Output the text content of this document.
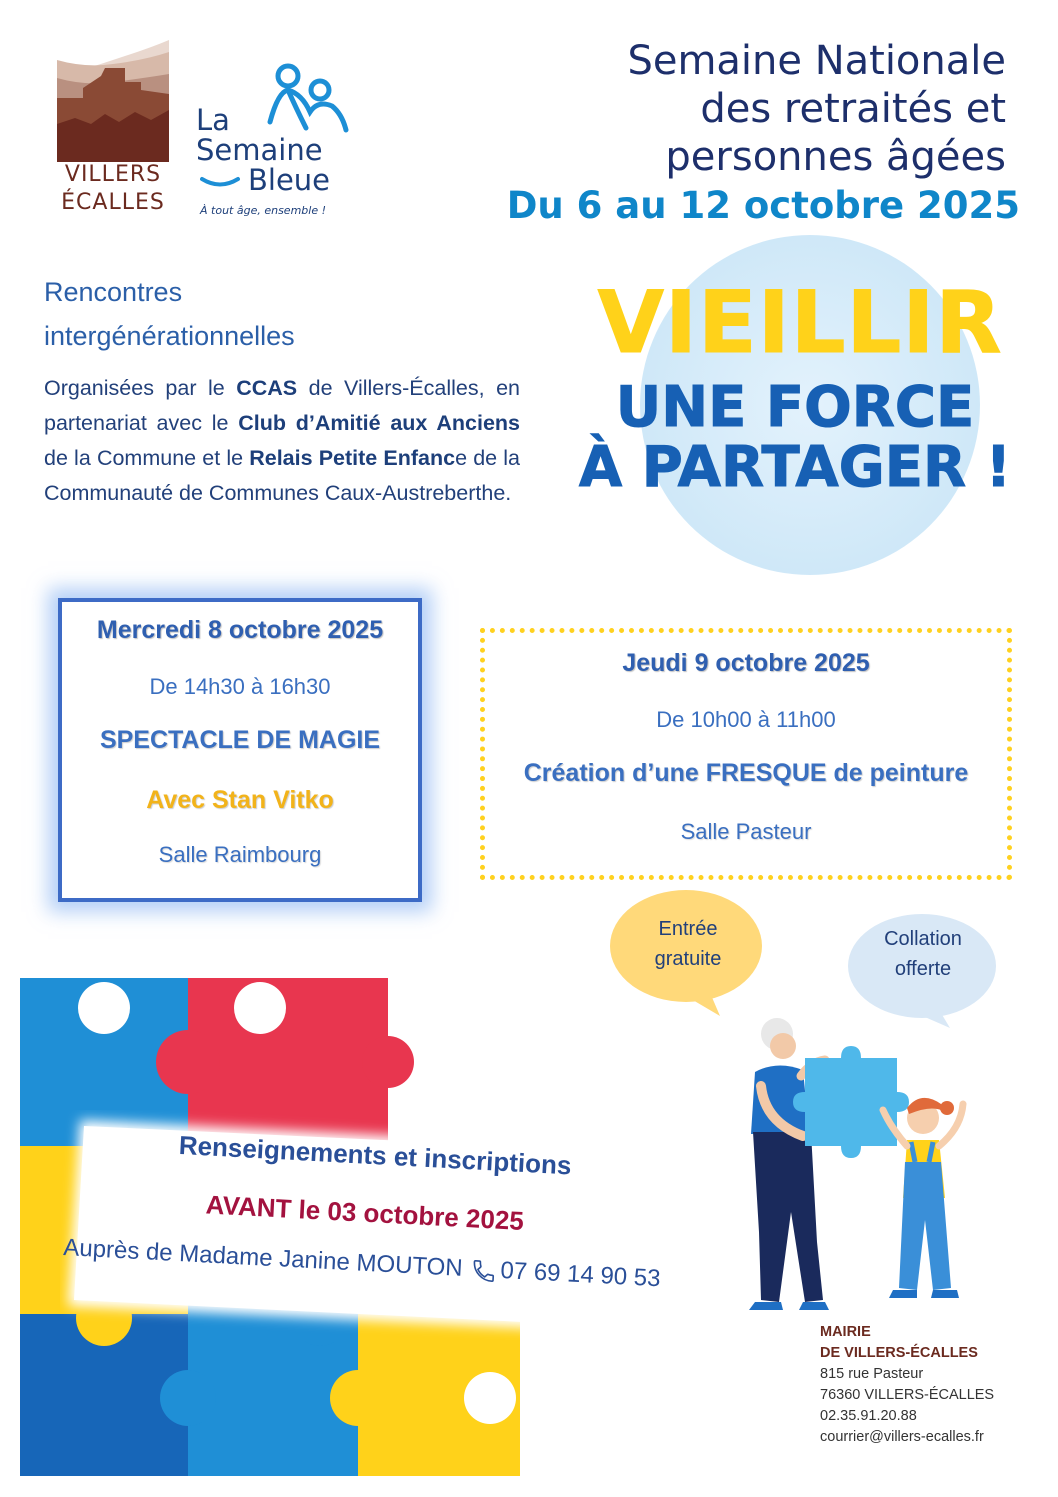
VILLERS
ÉCALLES
La
Semaine
Bleue
À tout âge, ensemble !
Semaine Nationale
des retraités et
personnes âgées
Du 6 au 12 octobre 2025
Rencontres
intergénérationnelles
Organisées par le CCAS de Villers-Écalles, en partenariat avec le Club d’Amitié aux Anciens de la Commune et le Relais Petite Enfance de la Communauté de Communes Caux-Austreberthe.
VIEILLIR
UNE FORCE
À PARTAGER !
Mercredi 8 octobre 2025
De 14h30 à 16h30
SPECTACLE DE MAGIE
Avec Stan Vitko
Salle Raimbourg
Jeudi 9 octobre 2025
De 10h00 à 11h00
Création d’une FRESQUE de peinture
Salle Pasteur
Entrée
gratuite
Collation
offerte
Renseignements et inscriptions
AVANT le 03 octobre 2025
Auprès de Madame Janine MOUTON 07 69 14 90 53
MAIRIE
DE VILLERS-ÉCALLES
815 rue Pasteur
76360 VILLERS-ÉCALLES
02.35.91.20.88
courrier@villers-ecalles.fr
